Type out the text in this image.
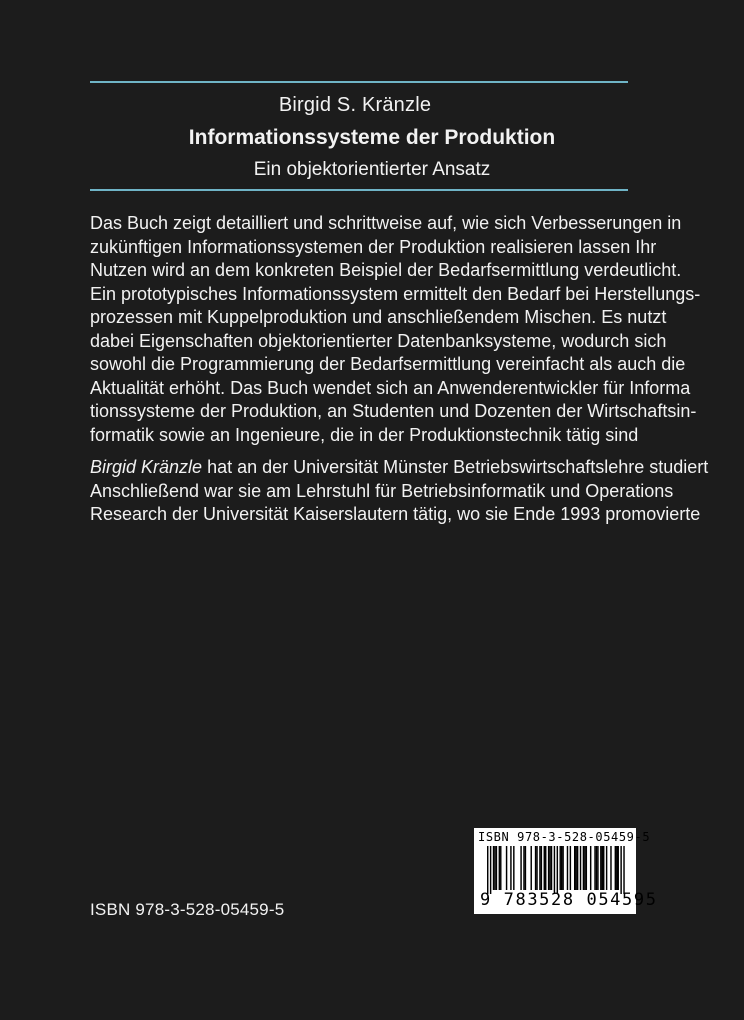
Birgid S. Kränzle
Informationssysteme der Produktion
Ein objektorientierter Ansatz
Das Buch zeigt detailliert und schrittweise auf, wie sich Verbesserungen in
zukünftigen Informationssystemen der Produktion realisieren lassen Ihr
Nutzen wird an dem konkreten Beispiel der Bedarfsermittlung verdeutlicht.
Ein prototypisches Informationssystem ermittelt den Bedarf bei Herstellungs-
prozessen mit Kuppelproduktion und anschließendem Mischen. Es nutzt
dabei Eigenschaften objektorientierter Datenbanksysteme, wodurch sich
sowohl die Programmierung der Bedarfsermittlung vereinfacht als auch die
Aktualität erhöht. Das Buch wendet sich an Anwenderentwickler für Informa
tionssysteme der Produktion, an Studenten und Dozenten der Wirtschaftsin-
formatik sowie an Ingenieure, die in der Produktionstechnik tätig sind
Birgid Kränzle hat an der Universität Münster Betriebswirtschaftslehre studiert
Anschließend war sie am Lehrstuhl für Betriebsinformatik und Operations
Research der Universität Kaiserslautern tätig, wo sie Ende 1993 promovierte
ISBN 978-3-528-05459-5
ISBN 978-3-528-05459-5
9 783528 054595
